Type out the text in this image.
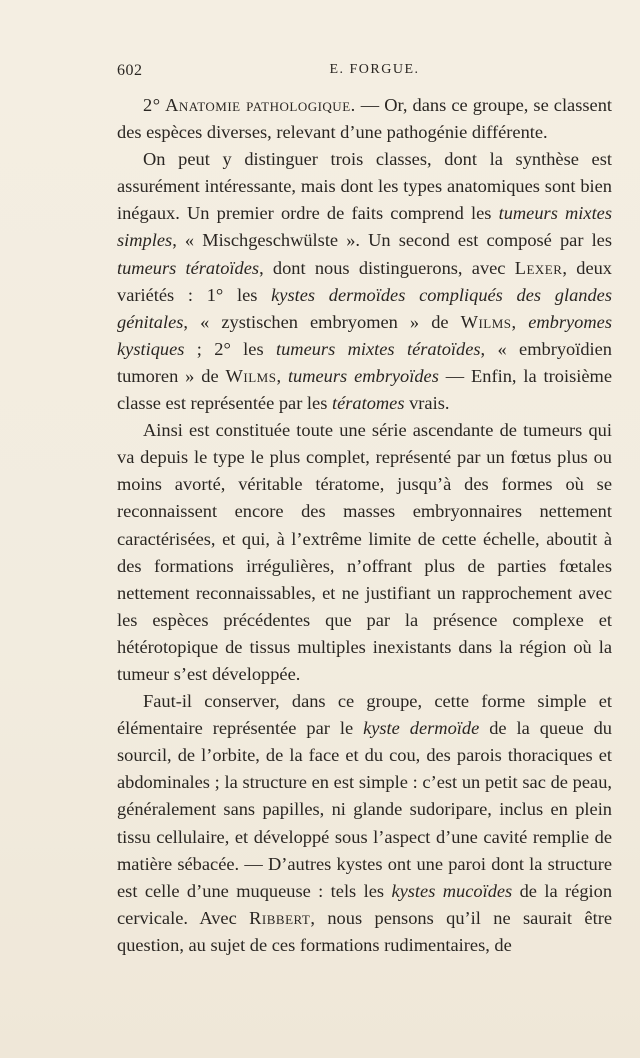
602	E. FORGUE.

2° Anatomie pathologique. — Or, dans ce groupe, se classent des espèces diverses, relevant d’une pathogénie différente.

On peut y distinguer trois classes, dont la synthèse est assurément intéressante, mais dont les types anatomiques sont bien inégaux. Un premier ordre de faits comprend les tumeurs mixtes simples, « Mischgeschwülste ». Un second est composé par les tumeurs tératoïdes, dont nous distinguerons, avec Lexer, deux variétés : 1° les kystes dermoïdes compliqués des glandes génitales, « zystischen embryomen » de Wilms, embryomes kystiques ; 2° les tumeurs mixtes tératoïdes, « embryoïdien tumoren » de Wilms, tumeurs embryoïdes — Enfin, la troisième classe est représentée par les tératomes vrais.

Ainsi est constituée toute une série ascendante de tumeurs qui va depuis le type le plus complet, représenté par un fœtus plus ou moins avorté, véritable tératome, jusqu’à des formes où se reconnaissent encore des masses embryonnaires nettement caractérisées, et qui, à l’extrême limite de cette échelle, aboutit à des formations irrégulières, n’offrant plus de parties fœtales nettement reconnaissables, et ne justifiant un rapprochement avec les espèces précédentes que par la présence complexe et hétérotopique de tissus multiples inexistants dans la région où la tumeur s’est développée.

Faut-il conserver, dans ce groupe, cette forme simple et élémentaire représentée par le kyste dermoïde de la queue du sourcil, de l’orbite, de la face et du cou, des parois thoraciques et abdominales ; la structure en est simple : c’est un petit sac de peau, généralement sans papilles, ni glande sudoripare, inclus en plein tissu cellulaire, et développé sous l’aspect d’une cavité remplie de matière sébacée. — D’autres kystes ont une paroi dont la structure est celle d’une muqueuse : tels les kystes mucoïdes de la région cervicale. Avec Ribbert, nous pensons qu’il ne saurait être question, au sujet de ces formations rudimentaires, de
